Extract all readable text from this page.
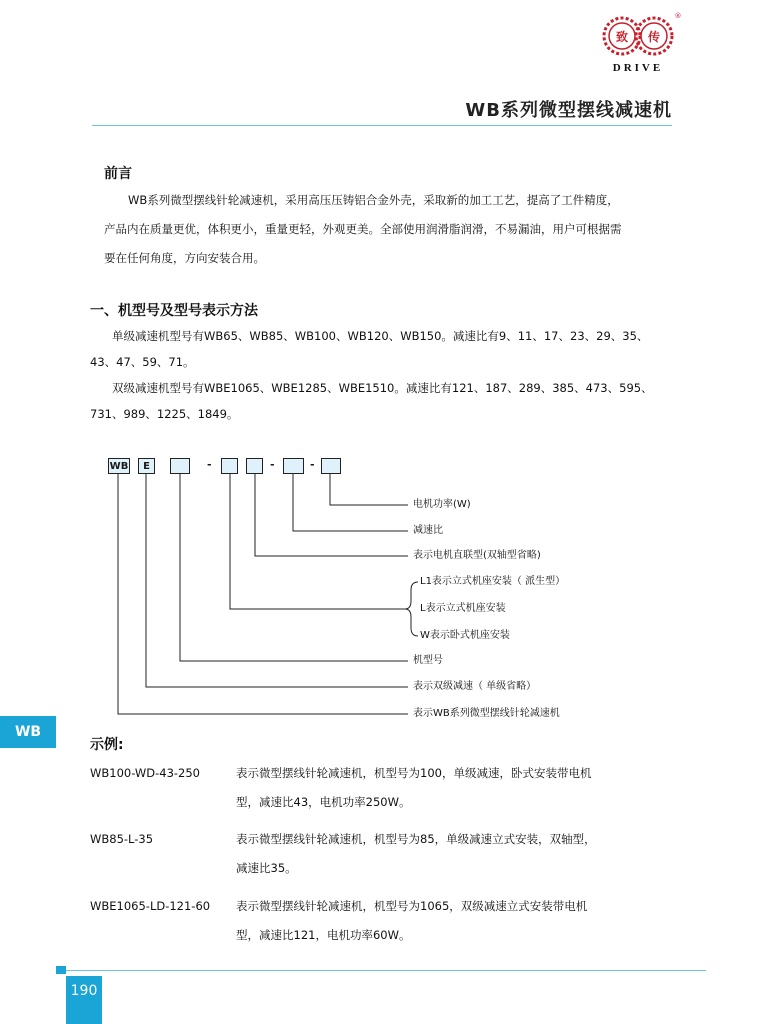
致 传
®
DRIVE
WB系列微型摆线减速机
前言

WB系列微型摆线针轮减速机，采用高压压铸铝合金外壳，采取新的加工工艺，提高了工件精度，

产品内在质量更优，体积更小，重量更轻，外观更美。全部使用润滑脂润滑，不易漏油，用户可根据需

要在任何角度，方向安装合用。

一、机型号及型号表示方法

单级减速机型号有WB65、WB85、WB100、WB120、WB150。减速比有9、11、17、23、29、35、

43、47、59、71。

双级减速机型号有WBE1065、WBE1285、WBE1510。减速比有121、187、289、385、473、595、

731、989、1225、1849。

WB	E	-	-	-
电机功率(W)
减速比
表示电机直联型(双轴型省略)
L1表示立式机座安装（ 派生型）
L表示立式机座安装
W表示卧式机座安装
机型号
表示双级减速（ 单级省略）
表示WB系列微型摆线针轮减速机
WB
示例:
WB100-WD-43-250	表示微型摆线针轮减速机，机型号为100，单级减速，卧式安装带电机
型，减速比43，电机功率250W。
WB85-L-35	表示微型摆线针轮减速机，机型号为85，单级减速立式安装，双轴型，
减速比35。
WBE1065-LD-121-60 表示微型摆线针轮减速机，机型号为1065，双级减速立式安装带电机
型，减速比121，电机功率60W。
190
